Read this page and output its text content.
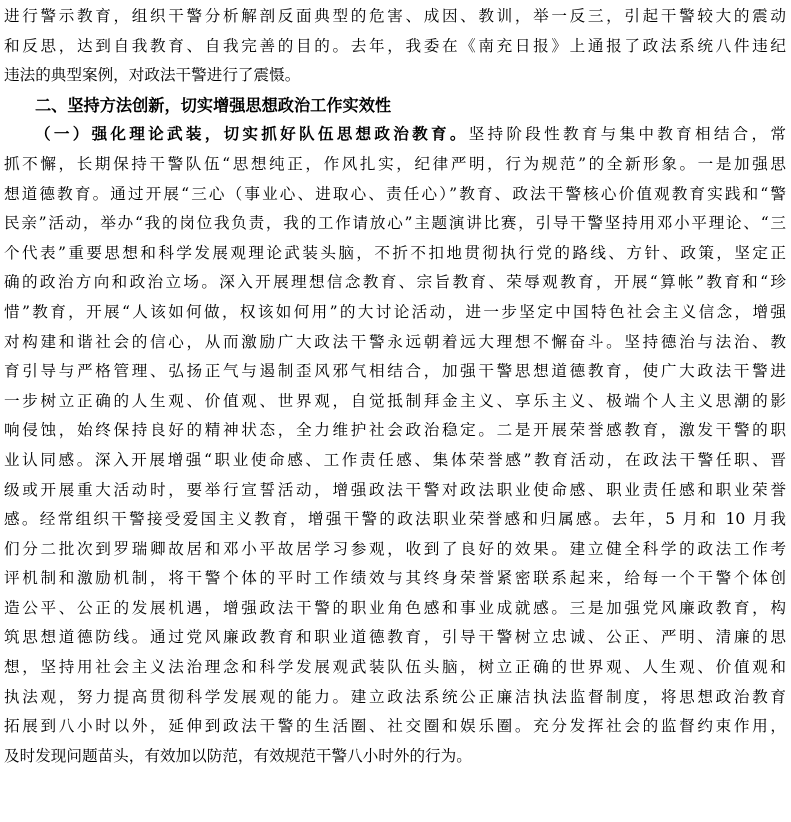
进行警示教育，组织干警分析解剖反面典型的危害、成因、教训，举一反三，引起干警较大的震动
和反思，达到自我教育、自我完善的目的。去年，我委在《南充日报》上通报了政法系统八件违纪
违法的典型案例，对政法干警进行了震慑。
二、坚持方法创新，切实增强思想政治工作实效性
（一）强化理论武装，切实抓好队伍思想政治教育。坚持阶段性教育与集中教育相结合，常
抓不懈，长期保持干警队伍“思想纯正，作风扎实，纪律严明，行为规范”的全新形象。一是加强思
想道德教育。通过开展“三心（事业心、进取心、责任心）”教育、政法干警核心价值观教育实践和“警
民亲”活动，举办“我的岗位我负责，我的工作请放心”主题演讲比赛，引导干警坚持用邓小平理论、“三
个代表”重要思想和科学发展观理论武装头脑，不折不扣地贯彻执行党的路线、方针、政策，坚定正
确的政治方向和政治立场。深入开展理想信念教育、宗旨教育、荣辱观教育，开展“算帐”教育和“珍
惜”教育，开展“人该如何做，权该如何用”的大讨论活动，进一步坚定中国特色社会主义信念，增强
对构建和谐社会的信心，从而激励广大政法干警永远朝着远大理想不懈奋斗。坚持德治与法治、教
育引导与严格管理、弘扬正气与遏制歪风邪气相结合，加强干警思想道德教育，使广大政法干警进
一步树立正确的人生观、价值观、世界观，自觉抵制拜金主义、享乐主义、极端个人主义思潮的影
响侵蚀，始终保持良好的精神状态，全力维护社会政治稳定。二是开展荣誉感教育，激发干警的职
业认同感。深入开展增强“职业使命感、工作责任感、集体荣誉感”教育活动，在政法干警任职、晋
级或开展重大活动时，要举行宣誓活动，增强政法干警对政法职业使命感、职业责任感和职业荣誉
感。经常组织干警接受爱国主义教育，增强干警的政法职业荣誉感和归属感。去年，5 月和 10 月我
们分二批次到罗瑞卿故居和邓小平故居学习参观，收到了良好的效果。建立健全科学的政法工作考
评机制和激励机制，将干警个体的平时工作绩效与其终身荣誉紧密联系起来，给每一个干警个体创
造公平、公正的发展机遇，增强政法干警的职业角色感和事业成就感。三是加强党风廉政教育，构
筑思想道德防线。通过党风廉政教育和职业道德教育，引导干警树立忠诚、公正、严明、清廉的思
想，坚持用社会主义法治理念和科学发展观武装队伍头脑，树立正确的世界观、人生观、价值观和
执法观，努力提高贯彻科学发展观的能力。建立政法系统公正廉洁执法监督制度，将思想政治教育
拓展到八小时以外，延伸到政法干警的生活圈、社交圈和娱乐圈。充分发挥社会的监督约束作用，
及时发现问题苗头，有效加以防范，有效规范干警八小时外的行为。
